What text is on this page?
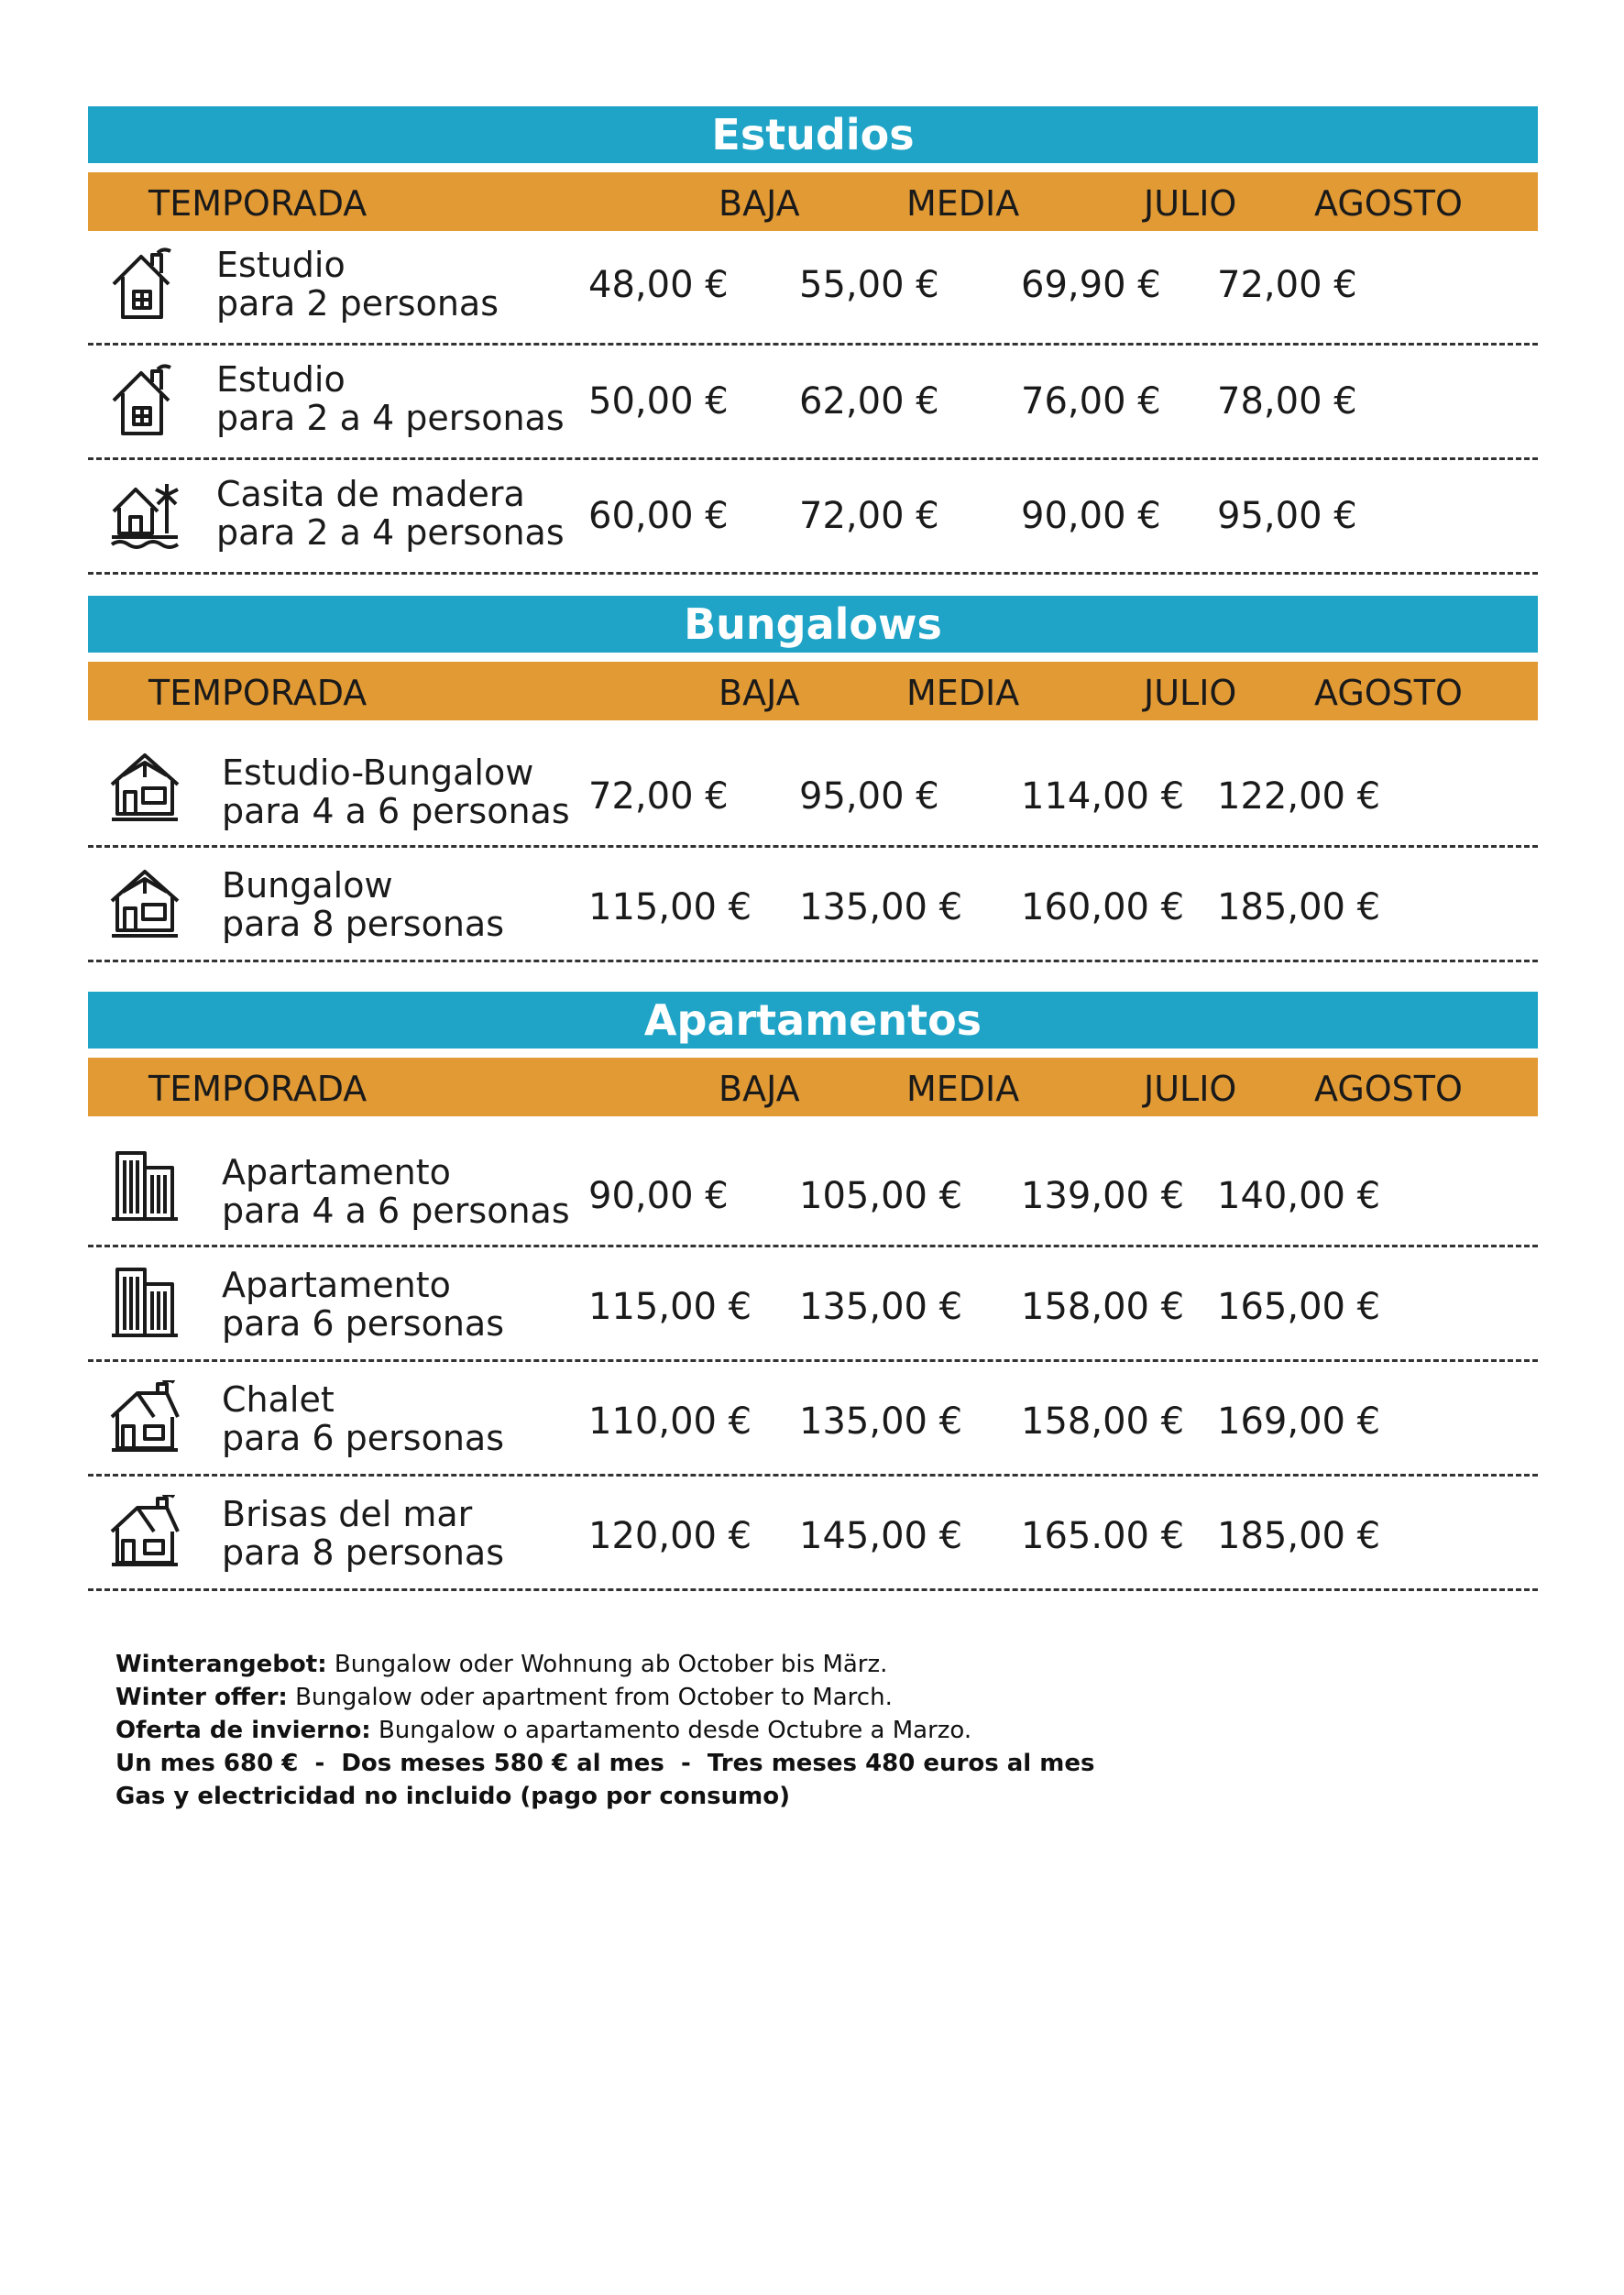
Estudios
TEMPORADA	BAJA	MEDIA	JULIO AGOSTO
Estudio
para 2 personas 48,00 € 55,00 € 69,90 € 72,00 €
Estudio
para 2 a 4 personas 50,00 € 62,00 € 76,00 € 78,00 €
Casita de madera
para 2 a 4 personas 60,00 € 72,00 € 90,00 € 95,00 €
Bungalows
TEMPORADA	BAJA	MEDIA	JULIO AGOSTO
Estudio-Bungalow
para 4 a 6 personas 72,00 € 95,00 € 114,00 € 122,00 €
Bungalow
para 8 personas 115,00 € 135,00 € 160,00 € 185,00 €
Apartamentos
TEMPORADA	BAJA	MEDIA	JULIO AGOSTO
Apartamento
para 4 a 6 personas 90,00 € 105,00 € 139,00 € 140,00 €
Apartamento
para 6 personas 115,00 € 135,00 € 158,00 € 165,00 €
Chalet
para 6 personas 110,00 € 135,00 € 158,00 € 169,00 €
Brisas del mar
para 8 personas 120,00 € 145,00 € 165.00 € 185,00 €
Winterangebot: Bungalow oder Wohnung ab October bis März.
Winter offer: Bungalow oder apartment from October to March.
Oferta de invierno: Bungalow o apartamento desde Octubre a Marzo.
Un mes 680 €  -  Dos meses 580 € al mes  -  Tres meses 480 euros al mes
Gas y electricidad no incluido (pago por consumo)
